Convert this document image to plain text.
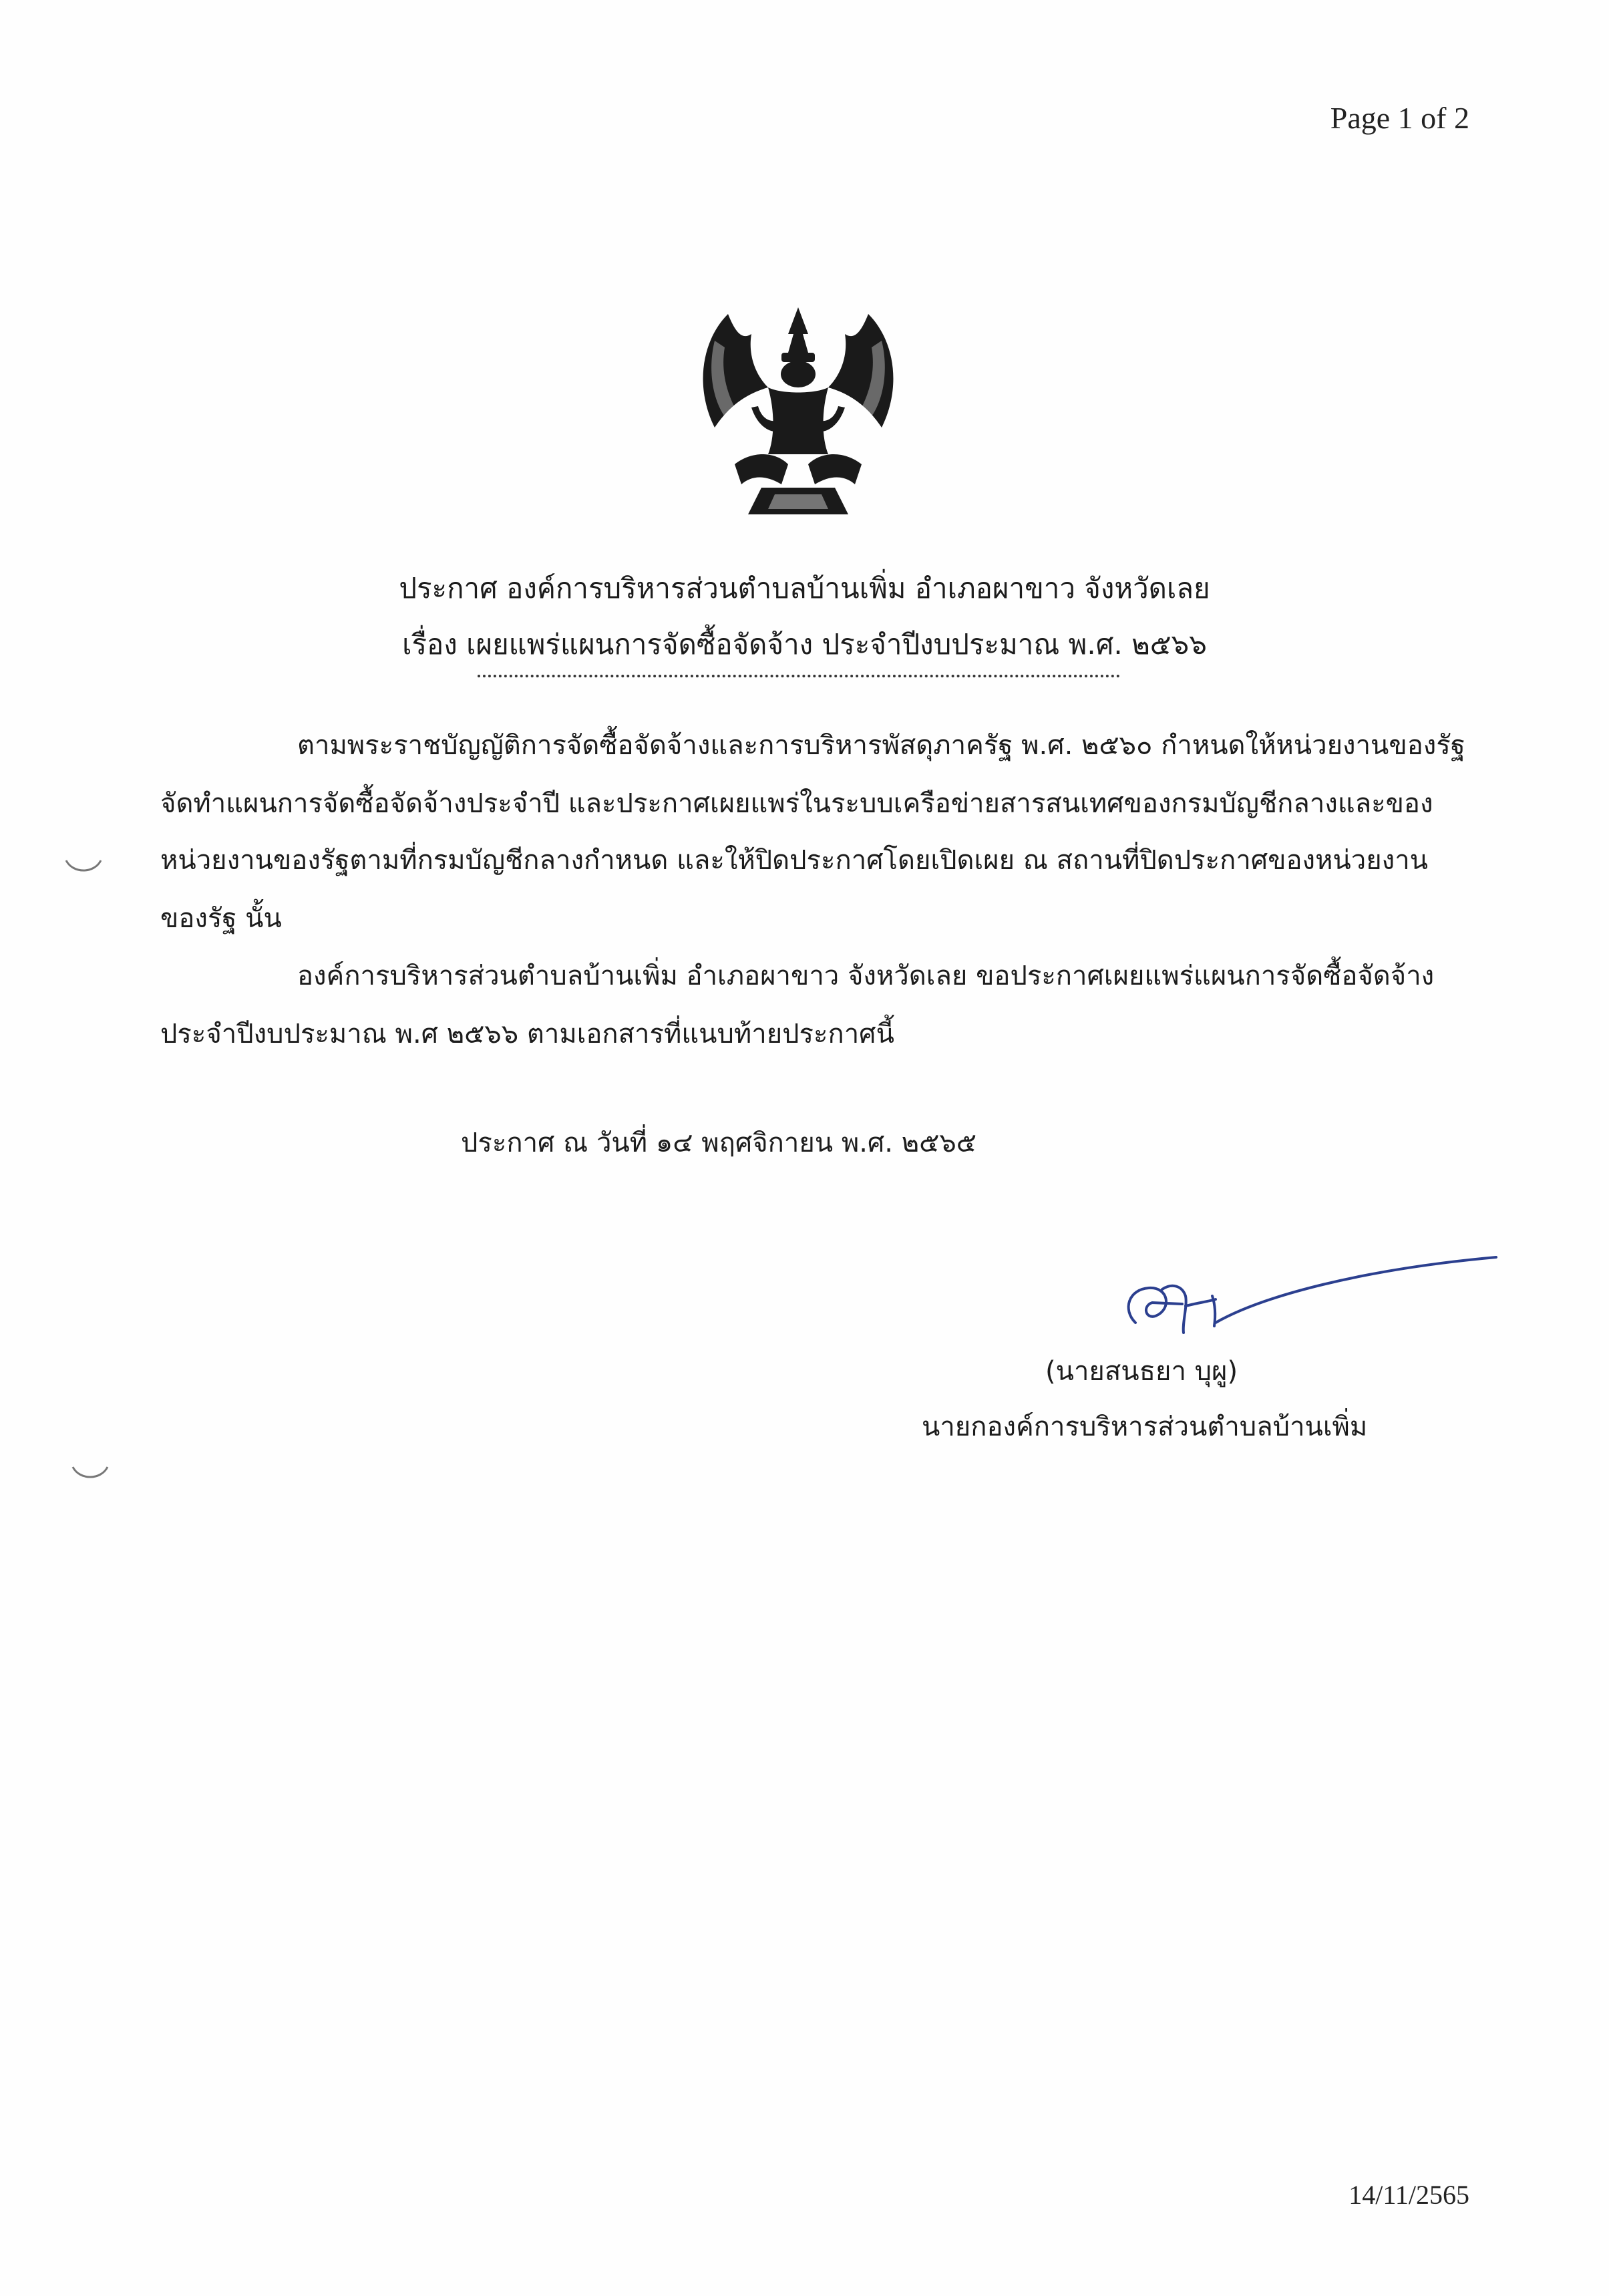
Page 1 of 2
ประกาศ องค์การบริหารส่วนตำบลบ้านเพิ่ม อำเภอผาขาว จังหวัดเลย
เรื่อง เผยแพร่แผนการจัดซื้อจัดจ้าง ประจำปีงบประมาณ พ.ศ. ๒๕๖๖
ตามพระราชบัญญัติการจัดซื้อจัดจ้างและการบริหารพัสดุภาครัฐ พ.ศ. ๒๕๖๐ กำหนดให้หน่วยงานของรัฐ
จัดทำแผนการจัดซื้อจัดจ้างประจำปี และประกาศเผยแพร่ในระบบเครือข่ายสารสนเทศของกรมบัญชีกลางและของ
หน่วยงานของรัฐตามที่กรมบัญชีกลางกำหนด และให้ปิดประกาศโดยเปิดเผย ณ สถานที่ปิดประกาศของหน่วยงาน
ของรัฐ นั้น
องค์การบริหารส่วนตำบลบ้านเพิ่ม อำเภอผาขาว จังหวัดเลย ขอประกาศเผยแพร่แผนการจัดซื้อจัดจ้าง
ประจำปีงบประมาณ พ.ศ ๒๕๖๖ ตามเอกสารที่แนบท้ายประกาศนี้
ประกาศ ณ วันที่ ๑๔ พฤศจิกายน พ.ศ. ๒๕๖๕
(นายสนธยา บุผู)
นายกองค์การบริหารส่วนตำบลบ้านเพิ่ม
14/11/2565
